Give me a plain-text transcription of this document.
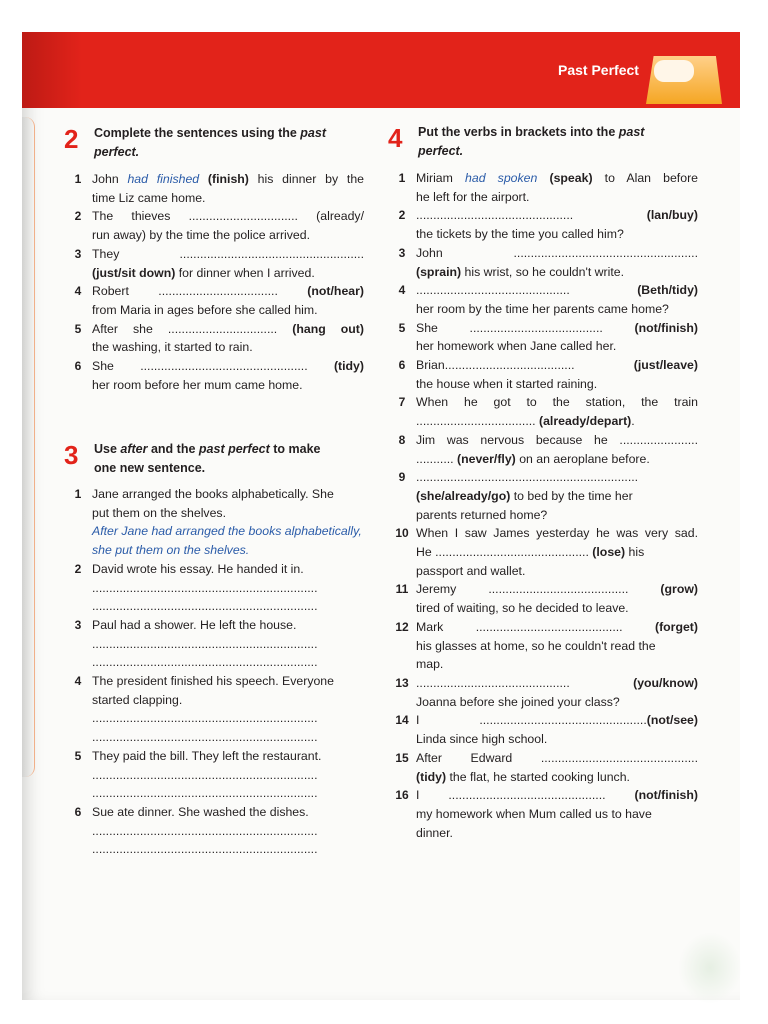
Past Perfect
2 Complete the sentences using the past
perfect.
1 John had finished (finish) his dinner by the
time Liz came home.
2 The thieves ................................ (already/
run away) by the time the police arrived.
3 They ......................................................
(just/sit down) for dinner when I arrived.
4 Robert ................................... (not/hear)
from Maria in ages before she called him.
5 After she ................................ (hang out)
the washing, it started to rain.
6 She ................................................. (tidy)
her room before her mum came home.
3 Use after and the past perfect to make
one new sentence.
1 Jane arranged the books alphabetically. She
put them on the shelves.
After Jane had arranged the books alphabetically,
she put them on the shelves.
2 David wrote his essay. He handed it in.
..................................................................
..................................................................
3 Paul had a shower. He left the house.
..................................................................
..................................................................
4 The president finished his speech. Everyone
started clapping.
..................................................................
..................................................................
5 They paid the bill. They left the restaurant.
..................................................................
..................................................................
6 Sue ate dinner. She washed the dishes.
..................................................................
..................................................................
4 Put the verbs in brackets into the past
perfect.
1 Miriam had spoken (speak) to Alan before
he left for the airport.
2 .............................................. (lan/buy)
the tickets by the time you called him?
3 John ......................................................
(sprain) his wrist, so he couldn't write.
4 ............................................. (Beth/tidy)
her room by the time her parents came home?
5 She ....................................... (not/finish)
her homework when Jane called her.
6 Brian...................................... (just/leave)
the house when it started raining.
7 When he got to the station, the train
................................... (already/depart).
8 Jim was nervous because he .......................
........... (never/fly) on an aeroplane before.
9 .................................................................
(she/already/go) to bed by the time her
parents returned home?
10 When I saw James yesterday he was very sad.
He ............................................. (lose) his
passport and wallet.
11 Jeremy ......................................... (grow)
tired of waiting, so he decided to leave.
12 Mark ........................................... (forget)
his glasses at home, so he couldn't read the
map.
13 ............................................. (you/know)
Joanna before she joined your class?
14 I .................................................(not/see)
Linda since high school.
15 After Edward ..............................................
(tidy) the flat, he started cooking lunch.
16 I .............................................. (not/finish)
my homework when Mum called us to have
dinner.
